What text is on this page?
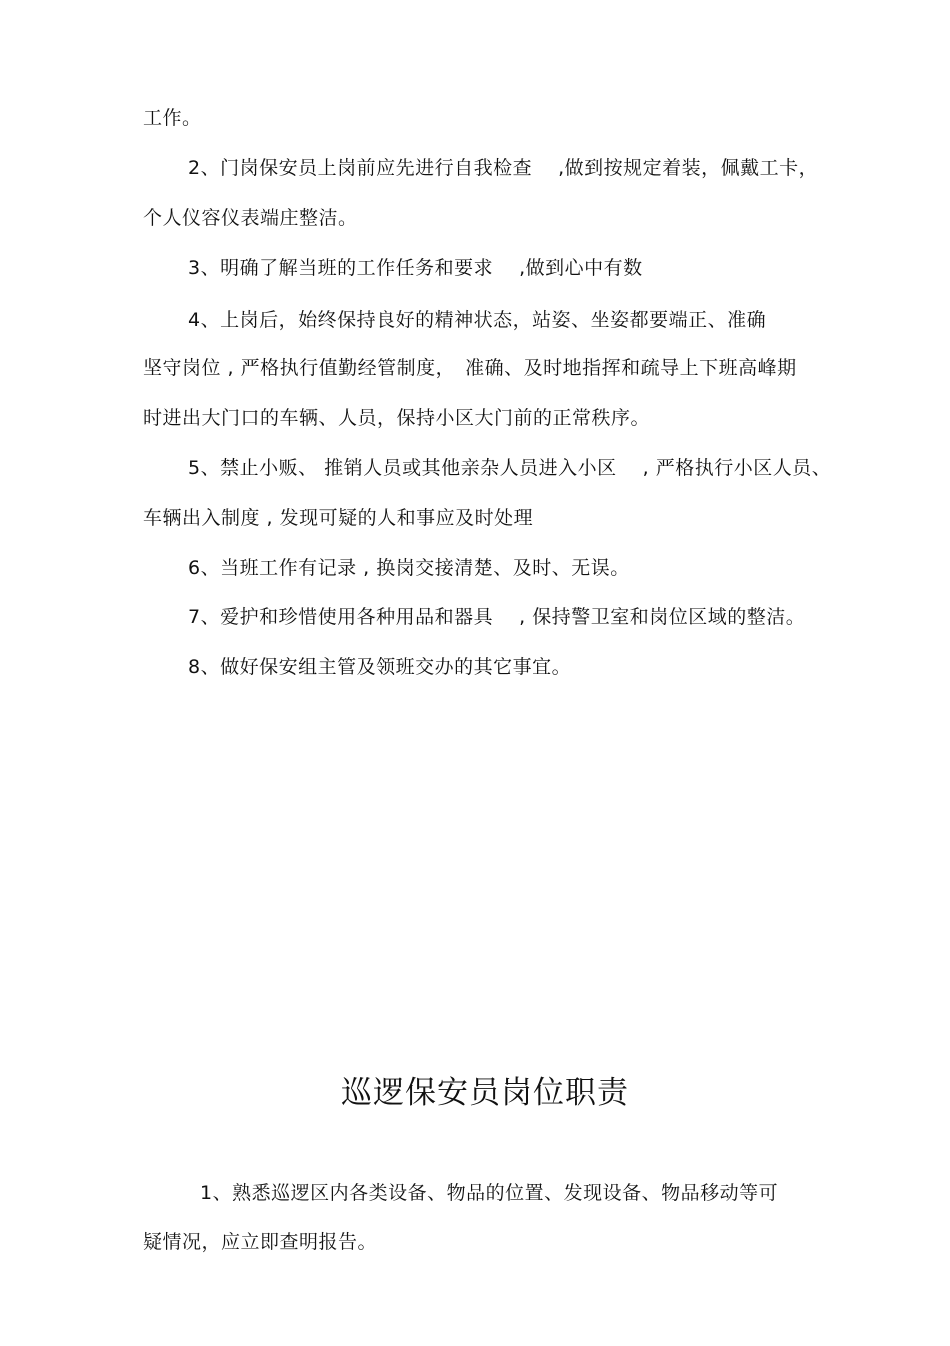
工作。
2、门岗保安员上岗前应先进行自我检查　 ,做到按规定着装，佩戴工卡，
个人仪容仪表端庄整洁。
3、明确了解当班的工作任务和要求　 ,做到心中有数
4、上岗后，始终保持良好的精神状态，站姿、坐姿都要端正、准确
坚守岗位 , 严格执行值勤经管制度，　准确、及时地指挥和疏导上下班高峰期
时进出大门口的车辆、人员，保持小区大门前的正常秩序。
5、禁止小贩、 推销人员或其他亲杂人员进入小区　 , 严格执行小区人员、
车辆出入制度 , 发现可疑的人和事应及时处理
6、当班工作有记录 , 换岗交接清楚、及时、无误。
7、爱护和珍惜使用各种用品和器具　 , 保持警卫室和岗位区域的整洁。
8、做好保安组主管及领班交办的其它事宜。
巡逻保安员岗位职责
1、熟悉巡逻区内各类设备、物品的位置、发现设备、物品移动等可
疑情况，应立即查明报告。
